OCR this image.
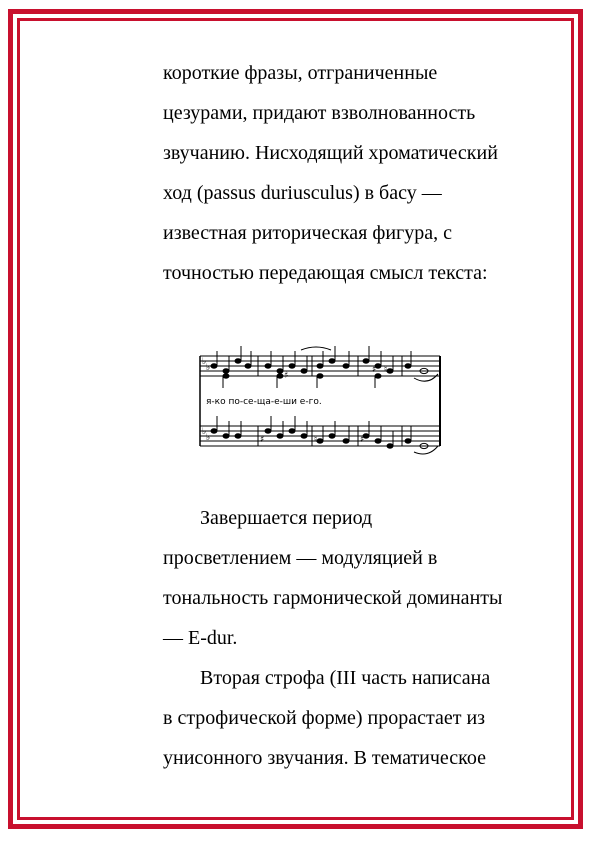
короткие фразы, отграниченные

цезурами, придают взволнованность

звучанию. Нисходящий хроматический

ход (passus duriusculus) в басу —

известная риторическая фигура, с

точностью передающая смысл текста:

♭
♭
♭
♭
♯
♯ ♮
♯	♮	♯
я-ко по-се-ща-е-ши е-го.

Завершается период

просветлением — модуляцией в

тональность гармонической доминанты

— E-dur.

Вторая строфа (III часть написана

в строфической форме) прорастает из

унисонного звучания. В тематическое
